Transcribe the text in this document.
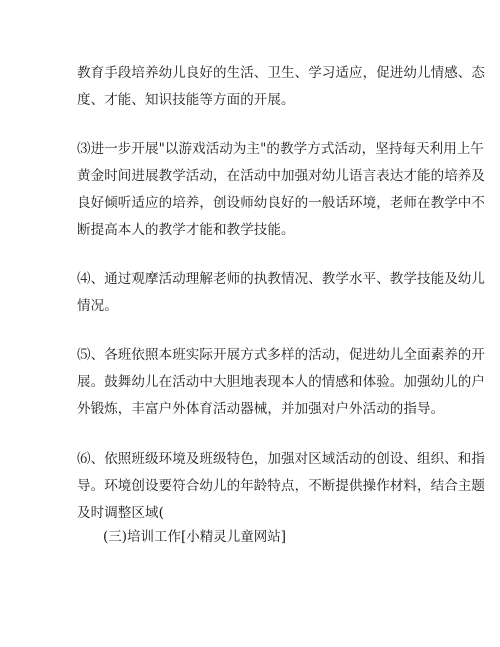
教育手段培养幼儿良好的生活、卫生、学习适应，促进幼儿情感、态
度、才能、知识技能等方面的开展。

⑶进一步开展"以游戏活动为主"的教学方式活动，坚持每天利用上午
黄金时间进展教学活动，在活动中加强对幼儿语言表达才能的培养及
良好倾听适应的培养，创设师幼良好的一般话环境，老师在教学中不
断提高本人的教学才能和教学技能。

⑷、通过观摩活动理解老师的执教情况、教学水平、教学技能及幼儿
情况。

⑸、各班依照本班实际开展方式多样的活动，促进幼儿全面素养的开
展。鼓舞幼儿在活动中大胆地表现本人的情感和体验。加强幼儿的户
外锻炼，丰富户外体育活动器械，并加强对户外活动的指导。

⑹、依照班级环境及班级特色，加强对区域活动的创设、组织、和指
导。环境创设要符合幼儿的年龄特点，不断提供操作材料，结合主题
及时调整区域(

(三)培训工作[小精灵儿童网站]
